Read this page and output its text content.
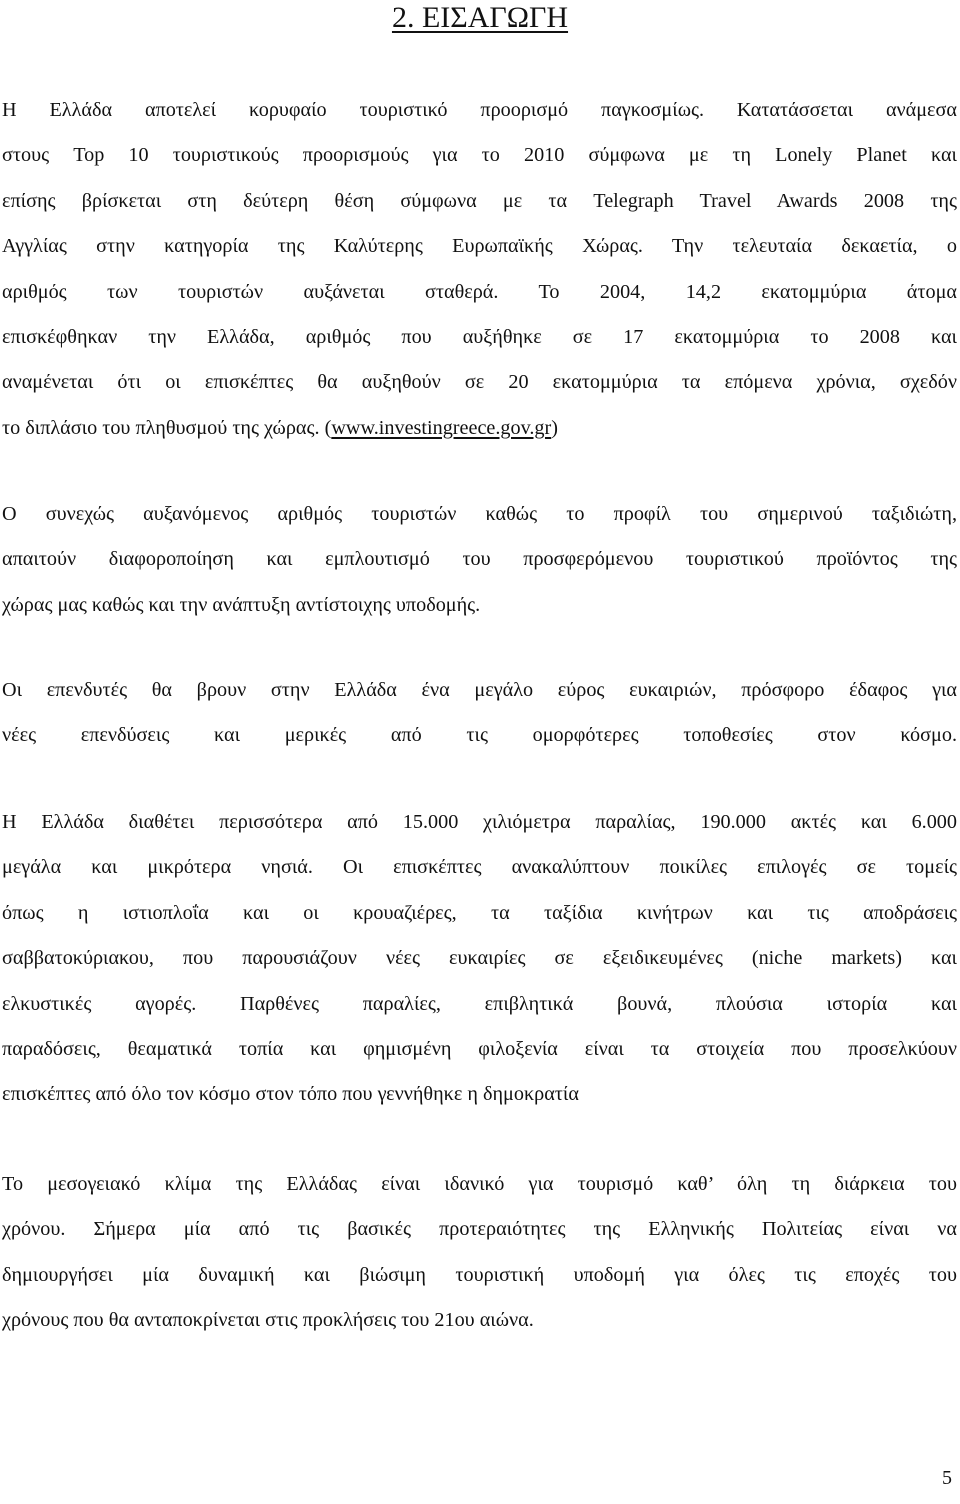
2. ΕΙΣΑΓΩΓΗ

Η Ελλάδα αποτελεί κορυφαίο τουριστικό προορισμό παγκοσμίως. Κατατάσσεται ανάμεσα
στους Top 10 τουριστικούς προορισμούς για το 2010 σύμφωνα με τη Lonely Planet και
επίσης βρίσκεται στη δεύτερη θέση σύμφωνα με τα Telegraph Travel Awards 2008 της
Αγγλίας στην κατηγορία της Καλύτερης Ευρωπαϊκής Χώρας. Την τελευταία δεκαετία, ο
αριθμός των τουριστών αυξάνεται σταθερά. Το 2004, 14,2 εκατομμύρια άτομα
επισκέφθηκαν την Ελλάδα, αριθμός που αυξήθηκε σε 17 εκατομμύρια το 2008 και
αναμένεται ότι οι επισκέπτες θα αυξηθούν σε 20 εκατομμύρια τα επόμενα χρόνια, σχεδόν
το διπλάσιο του πληθυσμού της χώρας. (www.investingreece.gov.gr)

Ο συνεχώς αυξανόμενος αριθμός τουριστών καθώς το προφίλ του σημερινού ταξιδιώτη,
απαιτούν διαφοροποίηση και εμπλουτισμό του προσφερόμενου τουριστικού προϊόντος της
χώρας μας καθώς και την ανάπτυξη αντίστοιχης υποδομής.

Οι επενδυτές θα βρουν στην Ελλάδα ένα μεγάλο εύρος ευκαιριών, πρόσφορο έδαφος για
νέες επενδύσεις και μερικές από τις ομορφότερες τοποθεσίες στον κόσμο.

Η Ελλάδα διαθέτει περισσότερα από 15.000 χιλιόμετρα παραλίας, 190.000 ακτές και 6.000
μεγάλα και μικρότερα νησιά. Οι επισκέπτες ανακαλύπτουν ποικίλες επιλογές σε τομείς
όπως η ιστιοπλοΐα και οι κρουαζιέρες, τα ταξίδια κινήτρων και τις αποδράσεις
σαββατοκύριακου, που παρουσιάζουν νέες ευκαιρίες σε εξειδικευμένες (niche markets) και
ελκυστικές αγορές. Παρθένες παραλίες, επιβλητικά βουνά, πλούσια ιστορία και
παραδόσεις, θεαματικά τοπία και φημισμένη φιλοξενία είναι τα στοιχεία που προσελκύουν
επισκέπτες από όλο τον κόσμο στον τόπο που γεννήθηκε η δημοκρατία

Το μεσογειακό κλίμα της Ελλάδας είναι ιδανικό για τουρισμό καθ’ όλη τη διάρκεια του
χρόνου. Σήμερα μία από τις βασικές προτεραιότητες της Ελληνικής Πολιτείας είναι να
δημιουργήσει μία δυναμική και βιώσιμη τουριστική υποδομή για όλες τις εποχές του
χρόνους που θα ανταποκρίνεται στις προκλήσεις του 21ου αιώνα.

5
